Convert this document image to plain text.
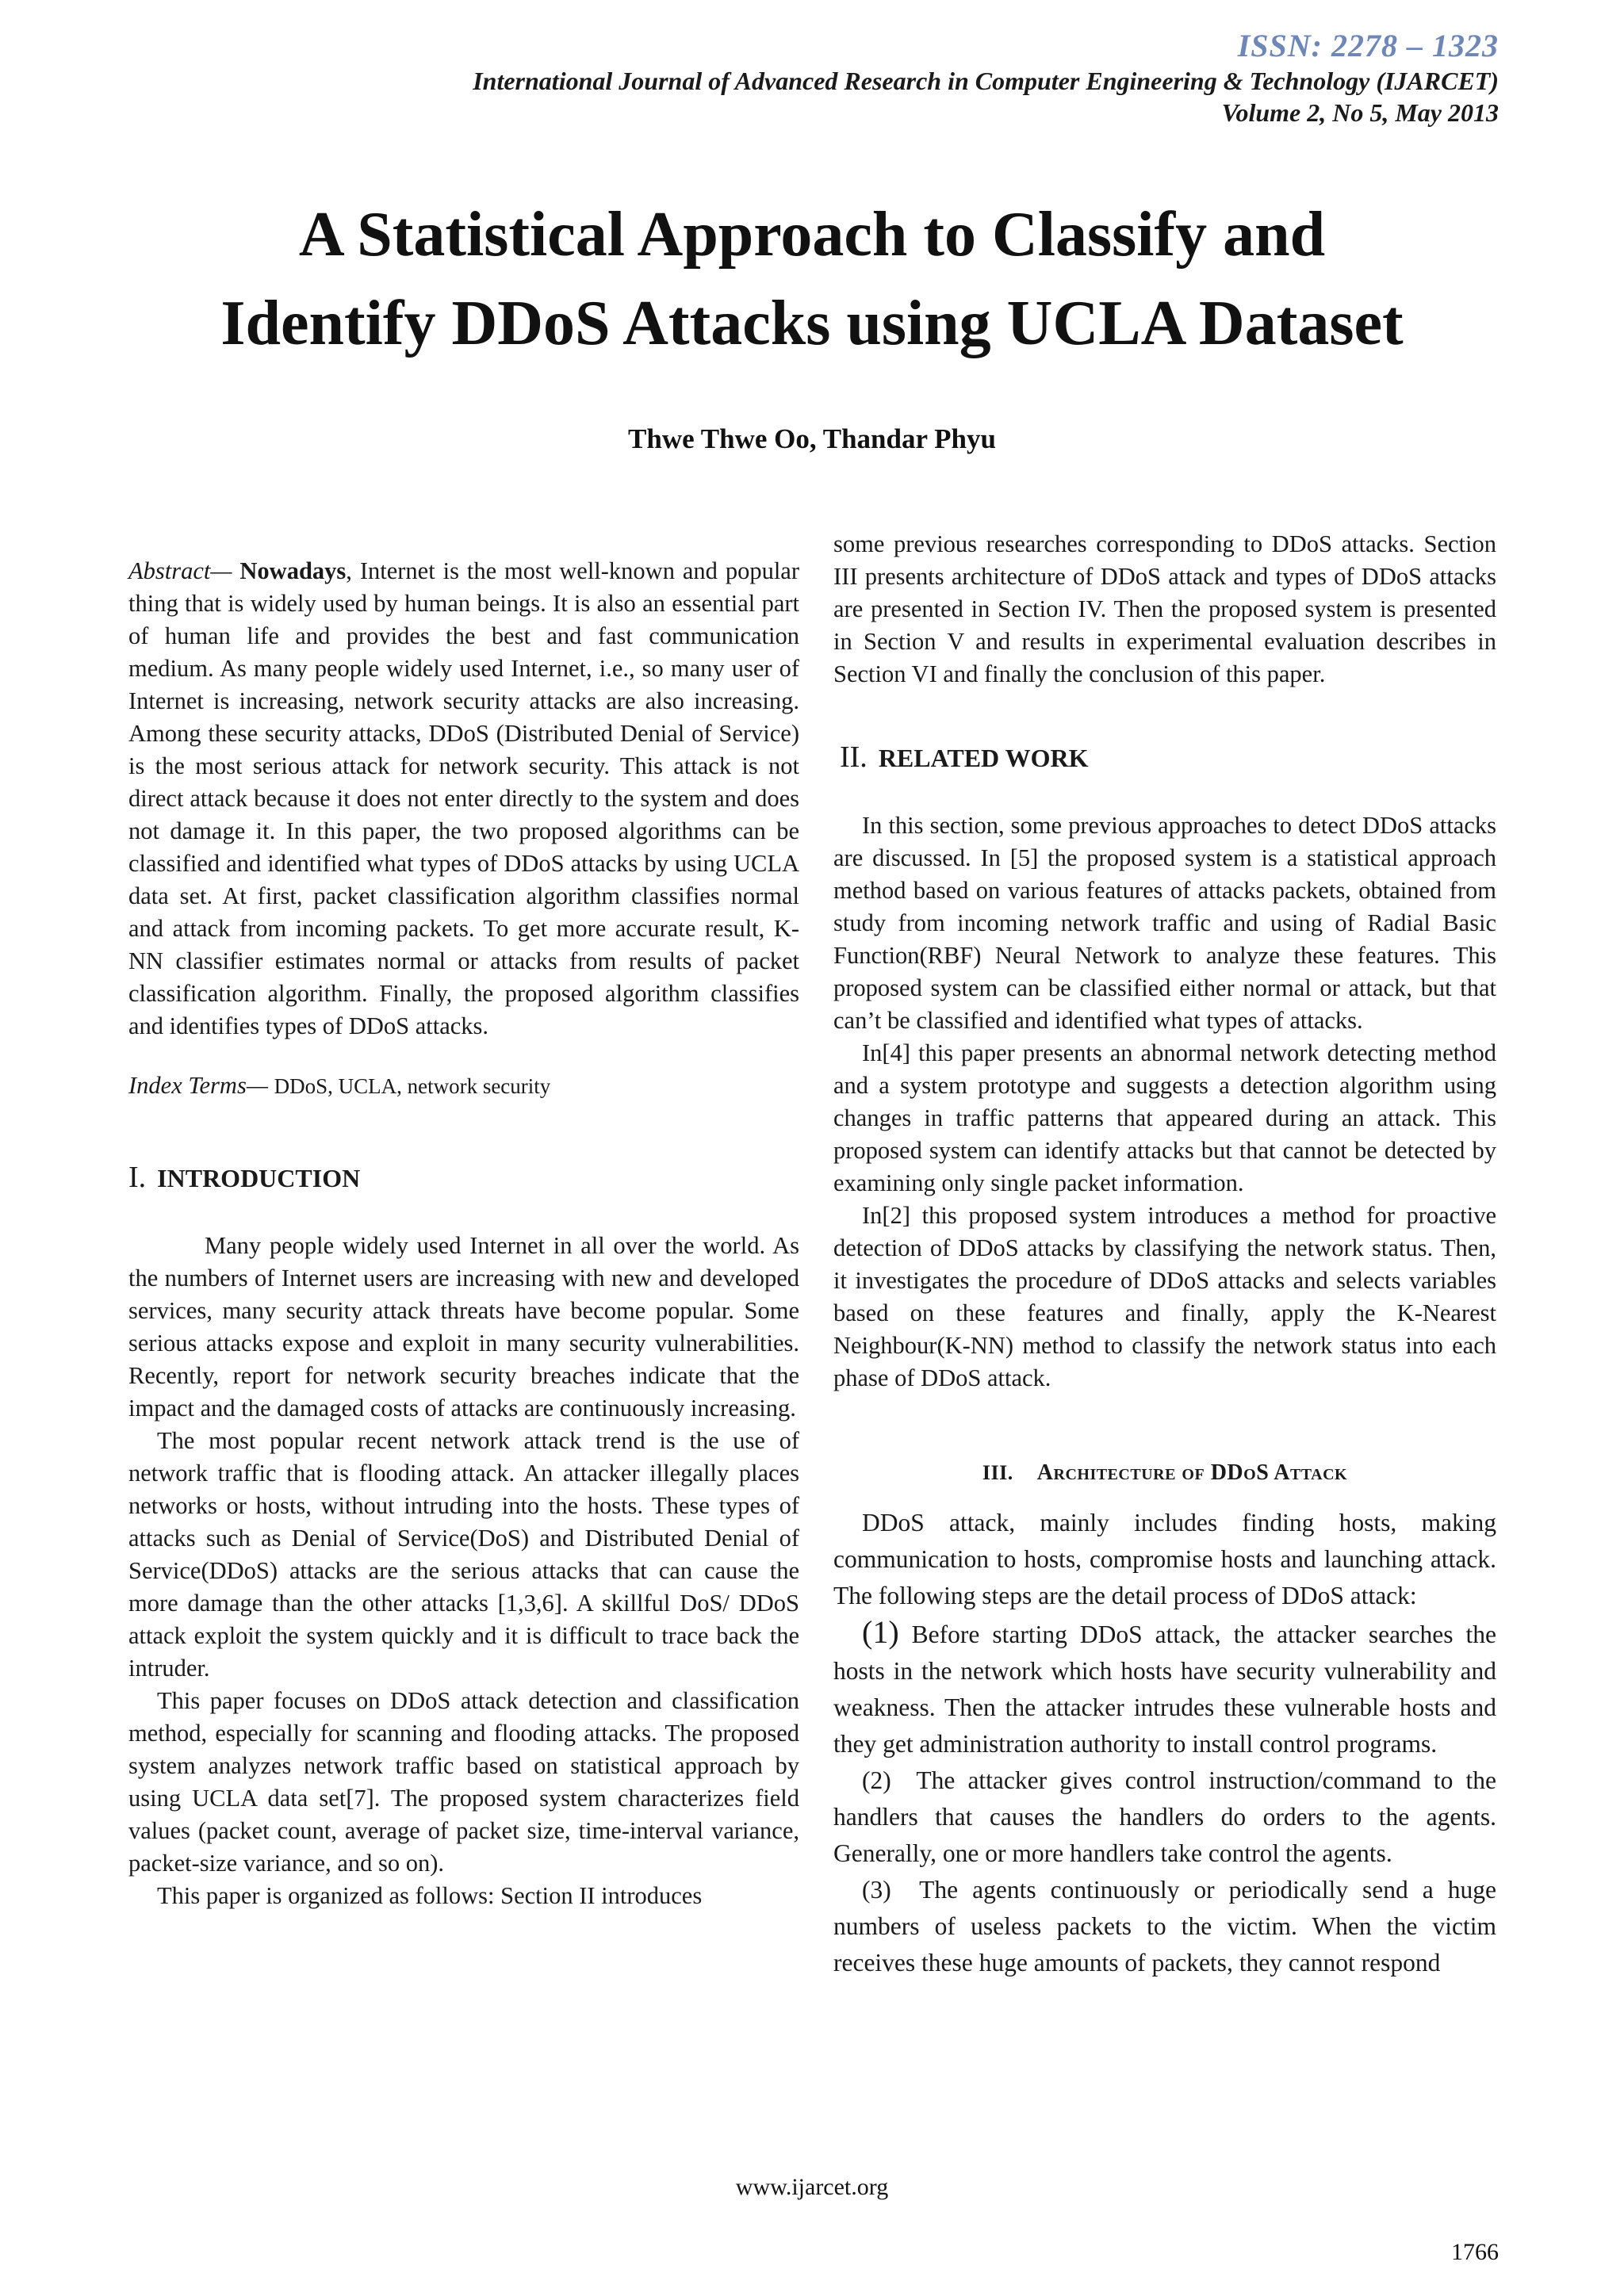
ISSN: 2278 – 1323
International Journal of Advanced Research in Computer Engineering & Technology (IJARCET)
Volume 2, No 5, May 2013
A Statistical Approach to Classify and
Identify DDoS Attacks using UCLA Dataset
Thwe Thwe Oo, Thandar Phyu

Abstract— Nowadays, Internet is the most well-known and popular thing that is widely used by human beings. It is also an essential part of human life and provides the best and fast communication medium. As many people widely used Internet, i.e., so many user of Internet is increasing, network security attacks are also increasing. Among these security attacks, DDoS (Distributed Denial of Service) is the most serious attack for network security. This attack is not direct attack because it does not enter directly to the system and does not damage it. In this paper, the two proposed algorithms can be classified and identified what types of DDoS attacks by using UCLA data set. At first, packet classification algorithm classifies normal and attack from incoming packets. To get more accurate result, K-NN classifier estimates normal or attacks from results of packet classification algorithm. Finally, the proposed algorithm classifies and identifies types of DDoS attacks.

Index Terms— DDoS, UCLA, network security

I. INTRODUCTION

Many people widely used Internet in all over the world. As the numbers of Internet users are increasing with new and developed services, many security attack threats have become popular. Some serious attacks expose and exploit in many security vulnerabilities. Recently, report for network security breaches indicate that the impact and the damaged costs of attacks are continuously increasing.

The most popular recent network attack trend is the use of network traffic that is flooding attack. An attacker illegally places networks or hosts, without intruding into the hosts. These types of attacks such as Denial of Service(DoS) and Distributed Denial of Service(DDoS) attacks are the serious attacks that can cause the more damage than the other attacks [1,3,6]. A skillful DoS/ DDoS attack exploit the system quickly and it is difficult to trace back the intruder.

This paper focuses on DDoS attack detection and classification method, especially for scanning and flooding attacks. The proposed system analyzes network traffic based on statistical approach by using UCLA data set[7]. The proposed system characterizes field values (packet count, average of packet size, time-interval variance, packet-size variance, and so on).

This paper is organized as follows: Section II introduces

some previous researches corresponding to DDoS attacks. Section III presents architecture of DDoS attack and types of DDoS attacks are presented in Section IV. Then the proposed system is presented in Section V and results in experimental evaluation describes in Section VI and finally the conclusion of this paper.

II. RELATED WORK

In this section, some previous approaches to detect DDoS attacks are discussed. In [5] the proposed system is a statistical approach method based on various features of attacks packets, obtained from study from incoming network traffic and using of Radial Basic Function(RBF) Neural Network to analyze these features. This proposed system can be classified either normal or attack, but that can’t be classified and identified what types of attacks.

In[4] this paper presents an abnormal network detecting method and a system prototype and suggests a detection algorithm using changes in traffic patterns that appeared during an attack. This proposed system can identify attacks but that cannot be detected by examining only single packet information.

In[2] this proposed system introduces a method for proactive detection of DDoS attacks by classifying the network status. Then, it investigates the procedure of DDoS attacks and selects variables based on these features and finally, apply the K-Nearest Neighbour(K-NN) method to classify the network status into each phase of DDoS attack.

III. Architecture of DDoS Attack

DDoS attack, mainly includes finding hosts, making communication to hosts, compromise hosts and launching attack. The following steps are the detail process of DDoS attack:

(1) Before starting DDoS attack, the attacker searches the hosts in the network which hosts have security vulnerability and weakness. Then the attacker intrudes these vulnerable hosts and they get administration authority to install control programs.

(2) The attacker gives control instruction/command to the handlers that causes the handlers do orders to the agents. Generally, one or more handlers take control the agents.

(3) The agents continuously or periodically send a huge numbers of useless packets to the victim. When the victim receives these huge amounts of packets, they cannot respond

www.ijarcet.org
1766
